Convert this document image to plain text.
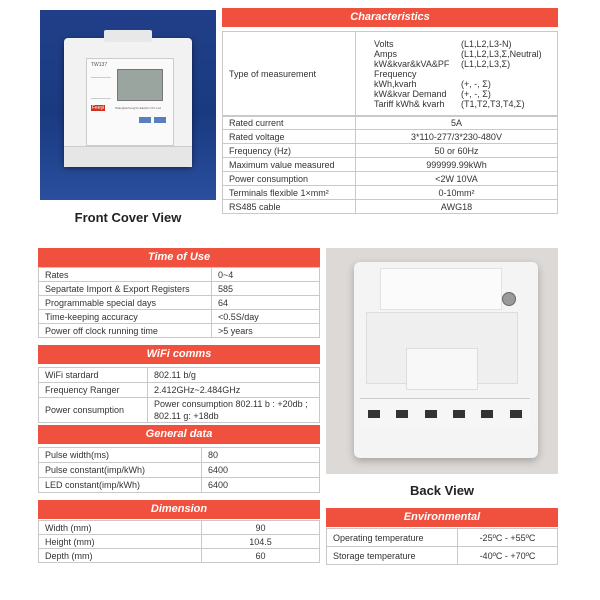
TW137
Feeyi	Shanghai FengYu Electric CO.,Ltd
Front Cover View
Characteristics
Type of measurement	
Volts	(L1,L2,L3-N)
Amps	(L1,L2,L3,Σ,Neutral)
kW&kvar&kVA&PF (L1,L2,L3,Σ)
Frequency
kWh,kvarh	(+, -, Σ)
kW&kvar Demand (+, -, Σ)
Tariff kWh& kvarh (T1,T2,T3,T4,Σ)
Rated current	5A
Rated voltage	3*110-277/3*230-480V
Frequency (Hz)	50 or 60Hz
Maximum value measured	999999.99kWh
Power consumption	<2W 10VA
Terminals flexible 1×mm²	0-10mm²
RS485 cable	AWG18
Time of Use
Rates	0~4
Separtate Import & Export Registers	585
Programmable special days	64
Time-keeping accuracy	<0.5S/day
Power off clock running time	>5 years
WiFi comms
WiFi stardard	802.11 b/g
Frequency Ranger	2.412GHz~2.484GHz
Power consumption	Power consumption 802.11 b : +20db ; 802.11 g: +18db
General data
Pulse width(ms)	80
Pulse constant(imp/kWh)	6400
LED constant(imp/kWh)	6400
Dimension
Width (mm)	90
Height (mm)	104.5
Depth (mm)	60
Back View
Environmental
Operating temperature	-25ºC - +55ºC
Storage temperature	-40ºC - +70ºC
